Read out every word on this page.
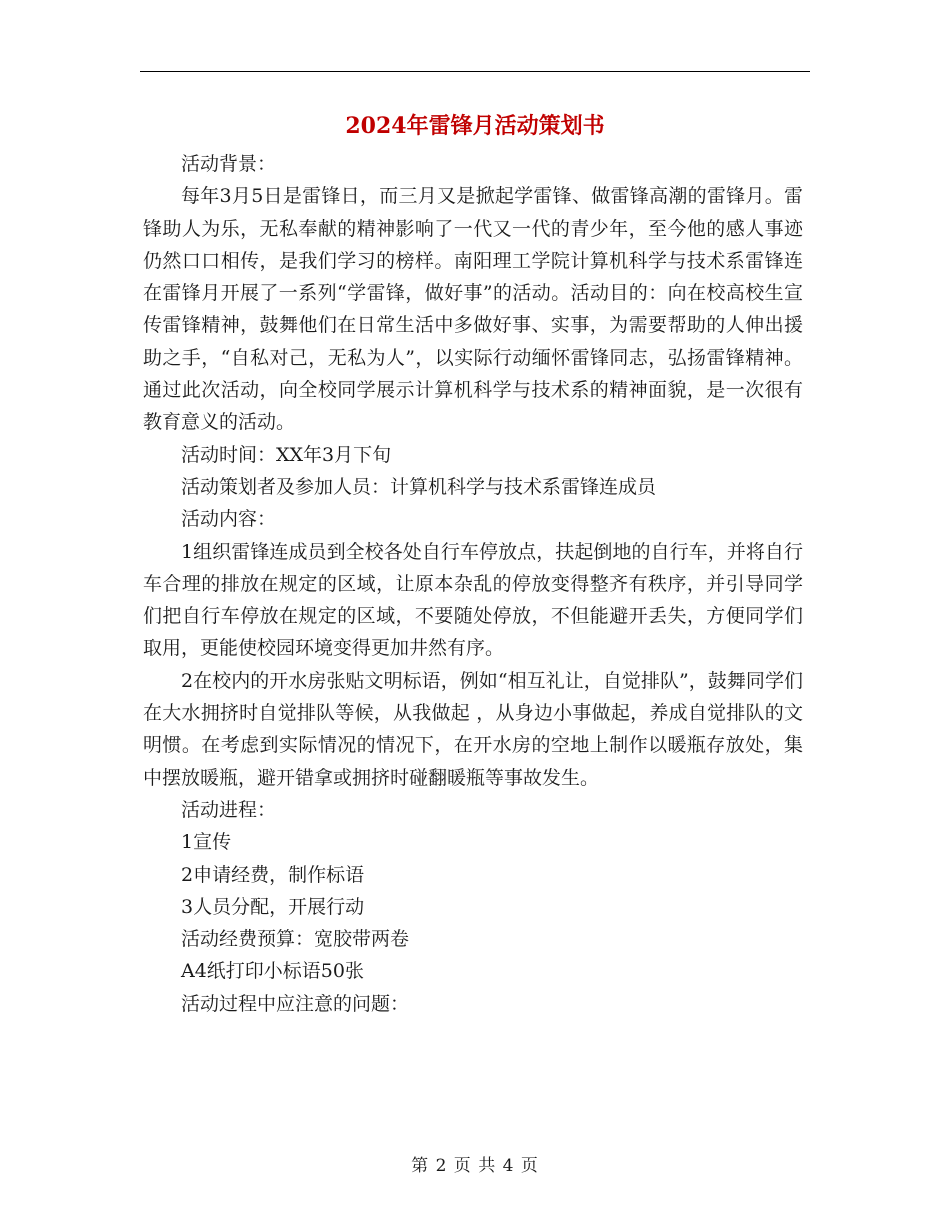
2024年雷锋月活动策划书

活动背景：

每年3月5日是雷锋日，而三月又是掀起学雷锋、做雷锋高潮的雷锋月。雷锋助人为乐，无私奉献的精神影响了一代又一代的青少年，至今他的感人事迹仍然口口相传，是我们学习的榜样。南阳理工学院计算机科学与技术系雷锋连在雷锋月开展了一系列“学雷锋，做好事”的活动。活动目的：向在校高校生宣传雷锋精神，鼓舞他们在日常生活中多做好事、实事，为需要帮助的人伸出援助之手，“自私对己，无私为人”，以实际行动缅怀雷锋同志，弘扬雷锋精神。通过此次活动，向全校同学展示计算机科学与技术系的精神面貌，是一次很有教育意义的活动。

活动时间：XX年3月下旬

活动策划者及参加人员：计算机科学与技术系雷锋连成员

活动内容：

1组织雷锋连成员到全校各处自行车停放点，扶起倒地的自行车，并将自行车合理的排放在规定的区域，让原本杂乱的停放变得整齐有秩序，并引导同学们把自行车停放在规定的区域，不要随处停放，不但能避开丢失，方便同学们取用，更能使校园环境变得更加井然有序。

2在校内的开水房张贴文明标语，例如“相互礼让，自觉排队”，鼓舞同学们在大水拥挤时自觉排队等候，从我做起 ，从身边小事做起，养成自觉排队的文明惯。在考虑到实际情况的情况下，在开水房的空地上制作以暖瓶存放处，集中摆放暖瓶，避开错拿或拥挤时碰翻暖瓶等事故发生。

活动进程：

1宣传

2申请经费，制作标语

3人员分配，开展行动

活动经费预算：宽胶带两卷

A4纸打印小标语50张

活动过程中应注意的问题：

第 2 页 共 4 页
